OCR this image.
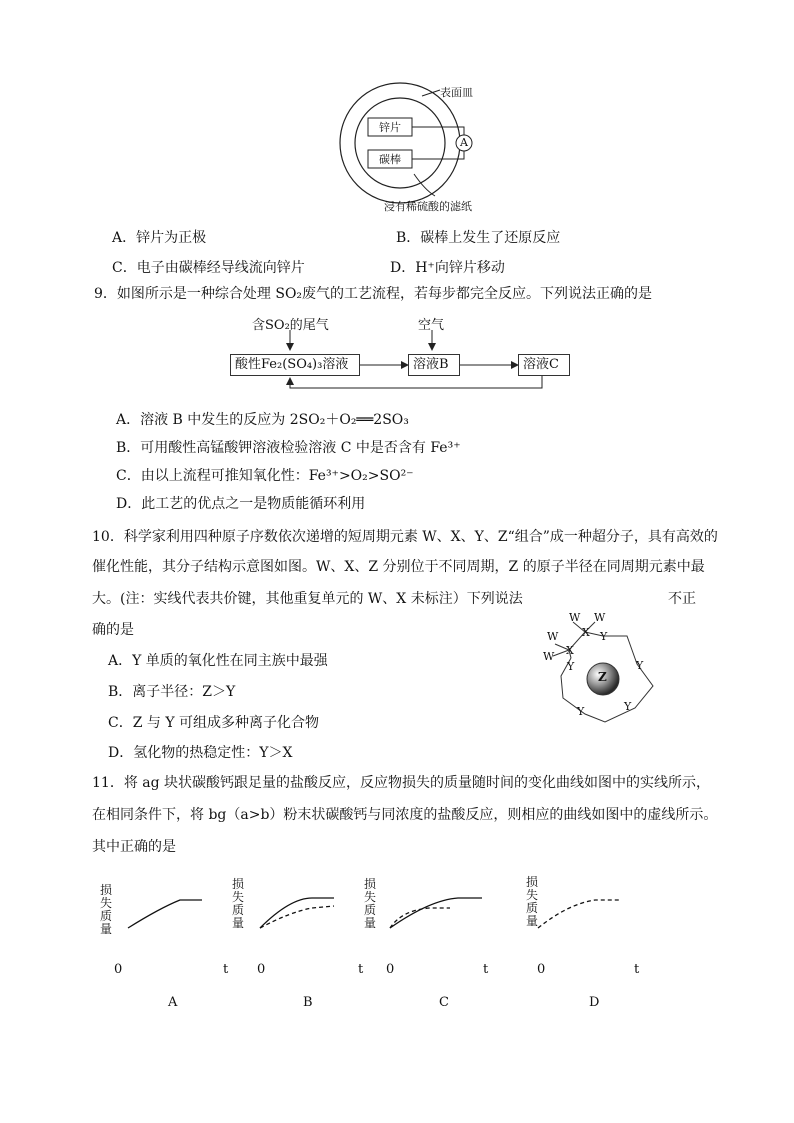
表面皿
锌片
碳棒
A
浸有稀硫酸的滤纸
A．锌片为正极	B．碳棒上发生了还原反应
C．电子由碳棒经导线流向锌片	D．H⁺向锌片移动
9．如图所示是一种综合处理 SO₂废气的工艺流程，若每步都完全反应。下列说法正确的是
含SO₂的尾气	空气
酸性Fe₂(SO₄)₃溶液	溶液B	溶液C
A．溶液 B 中发生的反应为 2SO₂＋O₂══2SO₃
B．可用酸性高锰酸钾溶液检验溶液 C 中是否含有 Fe³⁺
C．由以上流程可推知氧化性：Fe³⁺>O₂>SO²⁻
D．此工艺的优点之一是物质能循环利用
10．科学家利用四种原子序数依次递增的短周期元素 W、X、Y、Z“组合”成一种超分子，具有高效的
催化性能，其分子结构示意图如图。W、X、Z 分别位于不同周期，Z 的原子半径在同周期元素中最
大。(注：实线代表共价键，其他重复单元的 W、X 未标注）下列说法	不正
确的是
A．Y 单质的氧化性在同主族中最强
B．离子半径：Z＞Y
C．Z 与 Y 可组成多种离子化合物
D．氢化物的热稳定性：Y＞X
W W
W
W
X
X
Y
Y	Y
Y
Y
Z
11．将 ag 块状碳酸钙跟足量的盐酸反应，反应物损失的质量随时间的变化曲线如图中的实线所示，
在相同条件下，将 bg（a>b）粉末状碳酸钙与同浓度的盐酸反应，则相应的曲线如图中的虚线所示。
其中正确的是
损失质量
损失质量
损失质量
损失质量
0	t 0	t 0	t	0	t
A	B	C	D
